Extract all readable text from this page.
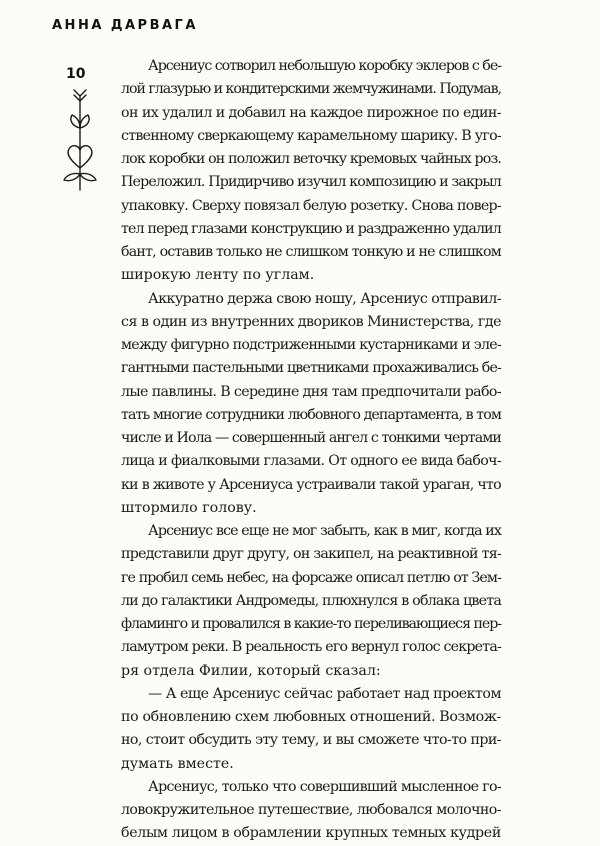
АННА ДАРВАГА
10	Арсениус сотворил небольшую коробку эклеров с бе-
лой глазурью и кондитерскими жемчужинами. Подумав,
он их удалил и добавил на каждое пирожное по един-
ственному сверкающему карамельному шарику. В уго-
лок коробки он положил веточку кремовых чайных роз.
Переложил. Придирчиво изучил композицию и закрыл
упаковку. Сверху повязал белую розетку. Снова повер-
тел перед глазами конструкцию и раздраженно удалил
бант, оставив только не слишком тонкую и не слишком
широкую ленту по углам.
Аккуратно держа свою ношу, Арсениус отправил-
ся в один из внутренних двориков Министерства, где
между фигурно подстриженными кустарниками и эле-
гантными пастельными цветниками прохаживались бе-
лые павлины. В середине дня там предпочитали рабо-
тать многие сотрудники любовного департамента, в том
числе и Иола — совершенный ангел с тонкими чертами
лица и фиалковыми глазами. От одного ее вида бабоч-
ки в животе у Арсениуса устраивали такой ураган, что
штормило голову.
Арсениус все еще не мог забыть, как в миг, когда их
представили друг другу, он закипел, на реактивной тя-
ге пробил семь небес, на форсаже описал петлю от Зем-
ли до галактики Андромеды, плюхнулся в облака цвета
фламинго и провалился в какие-то переливающиеся пер-
ламутром реки. В реальность его вернул голос секрета-
ря отдела Филии, который сказал:
— А еще Арсениус сейчас работает над проектом
по обновлению схем любовных отношений. Возмож-
но, стоит обсудить эту тему, и вы сможете что-то при-
думать вместе.
Арсениус, только что совершивший мысленное го-
ловокружительное путешествие, любовался молочно-
белым лицом в обрамлении крупных темных кудрей
